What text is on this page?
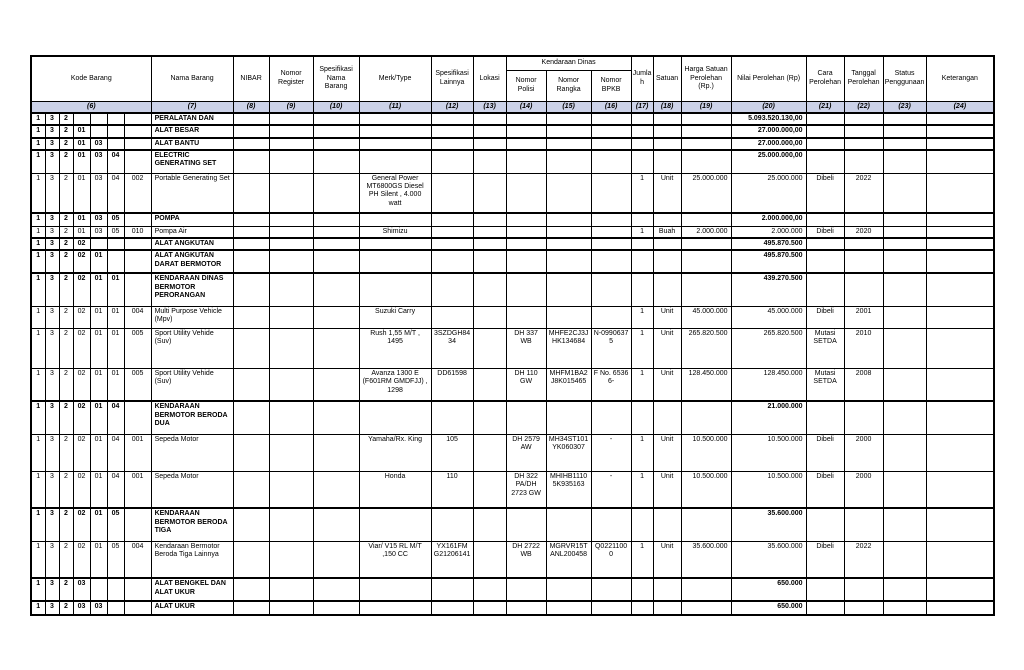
Kode Barang							Nama Barang	NIBAR	Nomor Register	Spesifikasi Nama Barang	Merk/Type	Spesifikasi Lainnya	Lokasi	Kendaraan Dinas			Jumlah	Satuan	Harga Satuan Perolehan (Rp.)	Nilai Perolehan (Rp)	Cara Perolehan	Tanggal Perolehan	Status Penggunaan	Keterangan
														Nomor Polisi	Nomor Rangka	Nomor BPKB								
(6)							(7)	(8)	(9)	(10)	(11)	(12)	(13)	(14)	(15)	(16)	(17)	(18)	(19)	(20)	(21)	(22)	(23)	(24)
1	3	2					PERALATAN DAN													5.093.520.130,00				
1	3	2	01				ALAT BESAR													27.000.000,00				
1	3	2	01	03			ALAT BANTU													27.000.000,00				
1	3	2	01	03	04		ELECTRIC GENERATING SET													25.000.000,00				
1	3	2	01	03	04	002	Portable Generating Set				General Power MT6800GS Diesel PH Silent , 4.000 watt						1	Unit	25.000.000	25.000.000	Dibeli	2022		
1	3	2	01	03	05		POMPA													2.000.000,00				
1	3	2	01	03	05	010	Pompa Air				Shimizu						1	Buah	2.000.000	2.000.000	Dibeli	2020		
1	3	2	02				ALAT ANGKUTAN													495.870.500				
1	3	2	02	01			ALAT ANGKUTAN DARAT BERMOTOR													495.870.500				
1	3	2	02	01	01		KENDARAAN DINAS BERMOTOR PERORANGAN													439.270.500				
1	3	2	02	01	01	004	Multi Purpose Vehicle (Mpv)				Suzuki Carry						1	Unit	45.000.000	45.000.000	Dibeli	2001		
1	3	2	02	01	01	005	Sport Utility Vehide (Suv)				Rush 1,55 M/T , 1495	3SZDGH8434		DH 337 WB	MHFE2CJ3JHK134684	N-09906375	1	Unit	265.820.500	265.820.500	Mutasi SETDA	2010		
1	3	2	02	01	01	005	Sport Utility Vehide (Suv)				Avanza 1300 E (F601RM GMDFJJ) , 1298	DD61598		DH 110 GW	MHFM1BA2J8K015465	F No. 65366-	1	Unit	128.450.000	128.450.000	Mutasi SETDA	2008		
1	3	2	02	01	04		KENDARAAN BERMOTOR BERODA DUA													21.000.000				
1	3	2	02	01	04	001	Sepeda Motor				Yamaha/Rx. King	105		DH 2579 AW	MH34ST101YK060307	-	1	Unit	10.500.000	10.500.000	Dibeli	2000		
1	3	2	02	01	04	001	Sepeda Motor				Honda	110		DH 322 PA/DH 2723 GW	MHIHB11105K935163	-	1	Unit	10.500.000	10.500.000	Dibeli	2000		
1	3	2	02	01	05		KENDARAAN BERMOTOR BERODA TIGA													35.600.000				
1	3	2	02	01	05	004	Kendaraan Bermotor Beroda Tiga Lainnya				Viar/ V15 RL M/T ,150 CC	YX161FM G21206141		DH 2722 WB	MGRVR15TANL200458	Q02211000	1	Unit	35.600.000	35.600.000	Dibeli	2022		
1	3	2	03				ALAT BENGKEL DAN ALAT UKUR													650.000				
1	3	2	03	03			ALAT UKUR													650.000				
